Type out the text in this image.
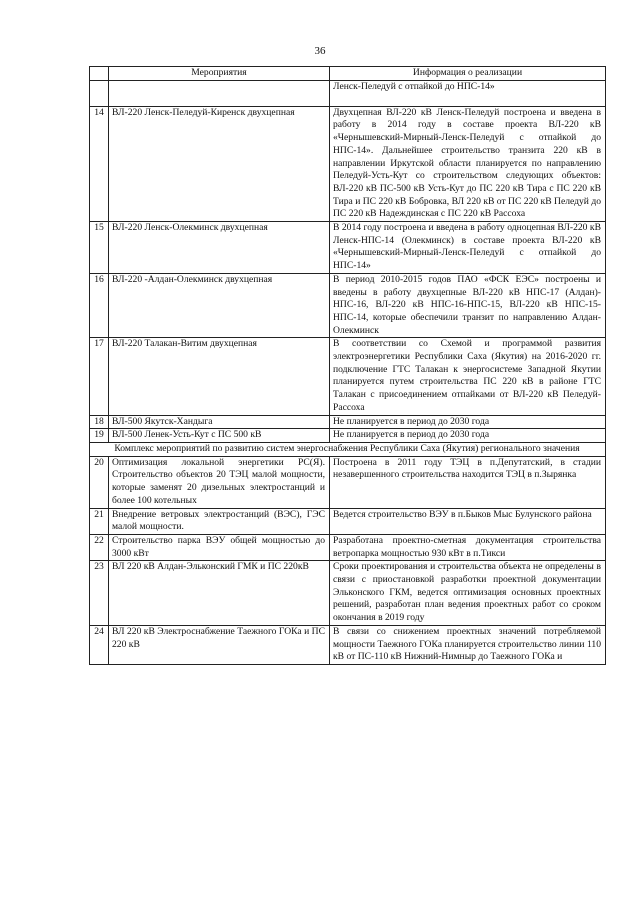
36
	Мероприятия	Информация о реализации
		Ленск-Пеледуй с отпайкой до НПС-14»
14	ВЛ-220 Ленск-Пеледуй-Киренск двухцепная	Двухцепная ВЛ-220 кВ Ленск-Пеледуй построена и введена в работу в 2014 году в составе проекта ВЛ-220 кВ «Чернышевский-Мирный-Ленск-Пеледуй с отпайкой до НПС-14». Дальнейшее строительство транзита 220 кВ в направлении Иркутской области планируется по направлению Пеледуй-Усть-Кут со строительством следующих объектов: ВЛ-220 кВ ПС-500 кВ Усть-Кут до ПС 220 кВ Тира с ПС 220 кВ Тира и ПС 220 кВ Бобровка, ВЛ 220 кВ от ПС 220 кВ Пеледуй до ПС 220 кВ Надеждинская с ПС 220 кВ Рассоха
15	ВЛ-220 Ленск-Олекминск двухцепная	В 2014 году построена и введена в работу одноцепная ВЛ-220 кВ Ленск-НПС-14 (Олекминск) в составе проекта ВЛ-220 кВ «Чернышевский-Мирный-Ленск-Пеледуй с отпайкой до НПС-14»
16	ВЛ-220 -Алдан-Олекминск двухцепная	В период 2010-2015 годов ПАО «ФСК ЕЭС» построены и введены в работу двухцепные ВЛ-220 кВ НПС-17 (Алдан)-НПС-16, ВЛ-220 кВ НПС-16-НПС-15, ВЛ-220 кВ НПС-15-НПС-14, которые обеспечили транзит по направлению Алдан-Олекминск
17	ВЛ-220 Талакан-Витим двухцепная	В соответствии со Схемой и программой развития электроэнергетики Республики Саха (Якутия) на 2016-2020 гг. подключение ГТС Талакан к энергосистеме Западной Якутии планируется путем строительства ПС 220 кВ в районе ГТС Талакан с присоединением отпайками от ВЛ-220 кВ Пеледуй-Рассоха
18	ВЛ-500 Якутск-Хандыга	Не планируется в период до 2030 года
19	ВЛ-500 Ленек-Усть-Кут с ПС 500 кВ	Не планируется в период до 2030 года
Комплекс мероприятий по развитию систем энергоснабжения Республики Саха (Якутия) регионального значения		
20	Оптимизация локальной энергетики РС(Я). Строительство объектов 20 ТЭЦ малой мощности, которые заменят 20 дизельных электростанций и более 100 котельных	Построена в 2011 году ТЭЦ в п.Депутатский, в стадии незавершенного строительства находится ТЭЦ в п.Зырянка
21	Внедрение ветровых электростанций (ВЭС), ГЭС малой мощности.	Ведется строительство ВЭУ в п.Быков Мыс Булунского района
22	Строительство парка ВЭУ общей мощностью до 3000 кВт	Разработана проектно-сметная документация строительства ветропарка мощностью 930 кВт в п.Тикси
23	ВЛ 220 кВ Алдан-Эльконский ГМК и ПС 220кВ	Сроки проектирования и строительства объекта не определены в связи с приостановкой разработки проектной документации Эльконского ГКМ, ведется оптимизация основных проектных решений, разработан план ведения проектных работ со сроком окончания в 2019 году
24	ВЛ 220 кВ Электроснабжение Таежного ГОКа и ПС 220 кВ	В связи со снижением проектных значений потребляемой мощности Таежного ГОКа планируется строительство линии 110 кВ от ПС-110 кВ Нижний-Нимныр до Таежного ГОКа и
